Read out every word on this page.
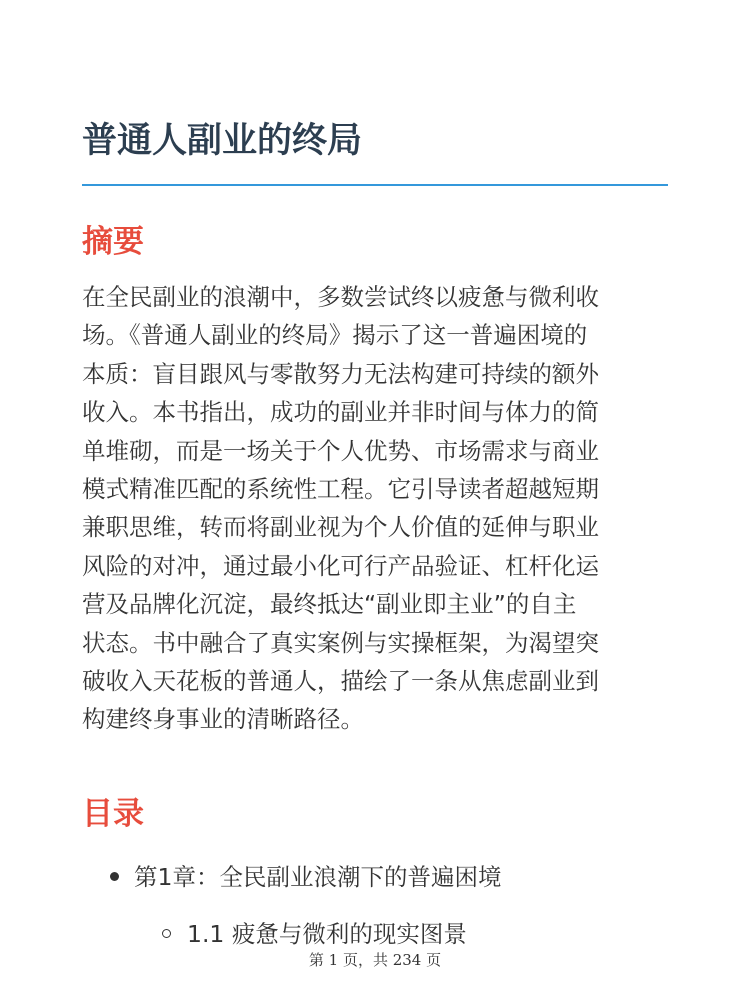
普通人副业的终局
摘要

在全民副业的浪潮中，多数尝试终以疲惫与微利收
场。《普通人副业的终局》揭示了这一普遍困境的
本质：盲目跟风与零散努力无法构建可持续的额外
收入。本书指出，成功的副业并非时间与体力的简
单堆砌，而是一场关于个人优势、市场需求与商业
模式精准匹配的系统性工程。它引导读者超越短期
兼职思维，转而将副业视为个人价值的延伸与职业
风险的对冲，通过最小化可行产品验证、杠杆化运
营及品牌化沉淀，最终抵达“副业即主业”的自主
状态。书中融合了真实案例与实操框架，为渴望突
破收入天花板的普通人，描绘了一条从焦虑副业到
构建终身事业的清晰路径。

目录
第1章：全民副业浪潮下的普遍困境
1.1 疲惫与微利的现实图景
第 1 页，共 234 页
